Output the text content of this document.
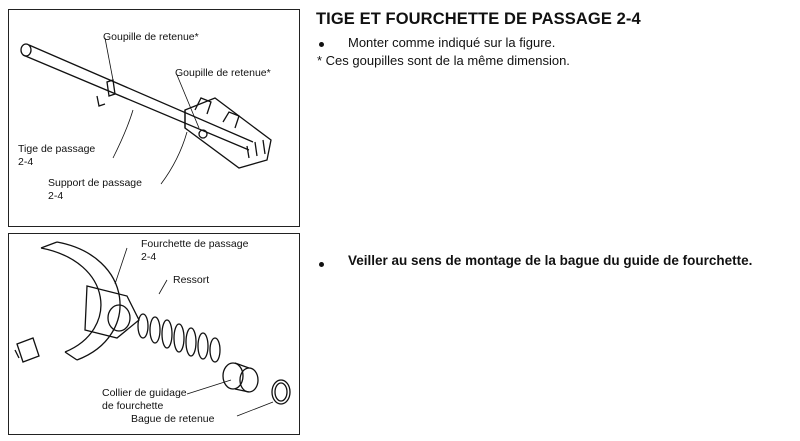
Goupille de retenue*
Goupille de retenue*
Tige de passage
2-4
Support de passage
2-4
Fourchette de passage
2-4
Ressort
Collier de guidage
de fourchette
Bague de retenue
TIGE ET FOURCHETTE DE PASSAGE 2-4
Monter comme indiqué sur la figure.
* Ces goupilles sont de la même dimension.
Veiller au sens de montage de la bague du guide de fourchette.
